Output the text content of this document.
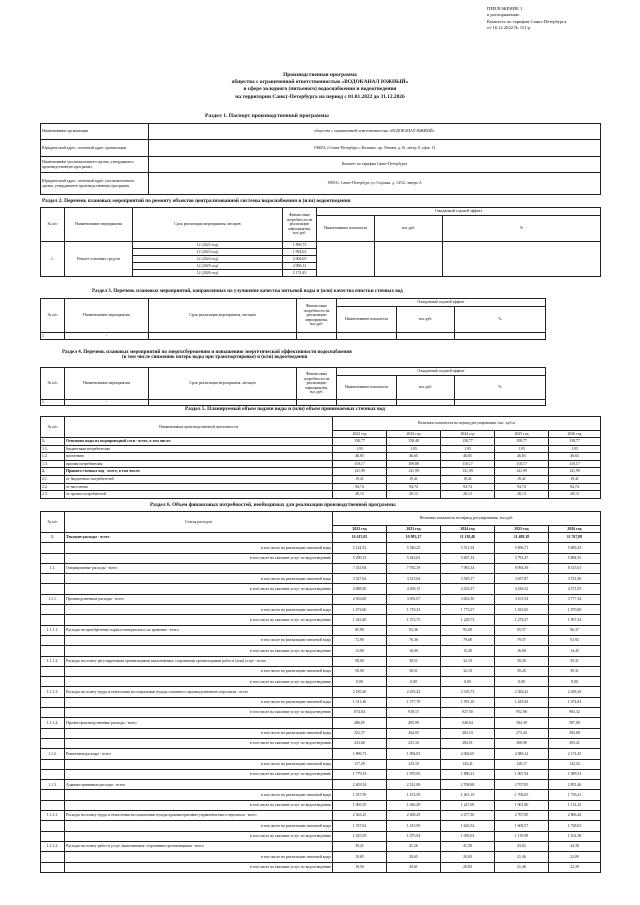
ПРИЛОЖЕНИЕ 1
к распоряжению
Комитета по тарифам Санкт-Петербурга
от 16.12.2022 № 151-р
Производственная программа
общества с ограниченной ответственностью «ВОДОКАНАЛ ЮЖНЫЙ»
в сфере холодного (питьевого) водоснабжения и водоотведения
на территории Санкт-Петербурга на период с 01.01.2022 до 31.12.2026
Раздел 1. Паспорт производственной программы
Наименование организации	общество с ограниченной ответственностью «ВОДОКАНАЛ ЮЖНЫЙ»
Юридический адрес, почтовый адрес организации	196653, г.Санкт-Петербург, г.Колпино, пр. Ленина, д.1б, литер А, офис 13
Наименование уполномоченного органа, утвердившего производственную программу	Комитет по тарифам Санкт-Петербурга
Юридический адрес, почтовый адрес уполномоченного органа, утвердившего производственную программу	190031, Санкт-Петербург, ул. Садовая, д. 14/52, литера А
Раздел 2. Перечень плановых мероприятий по ремонту объектов централизованной системы водоснабжения и (или) водоотведения
№ п/п	Наименование мероприятия	Срок реализации мероприятия, месяцев	Финансовые потребности на реализацию мероприятия, тыс.руб.	Ожидаемый годовой эффект		
				Наименование показателя	тыс.руб.	%
1.	Ремонт основных средств	12 (2022 год)	1 896,73			
		12 (2023 год)	1 994,03			
		12 (2024 год)	2 004,05			
		12 (2025 год)	2 086,12			
		12 (2026 год)	2 174,45			
Раздел 3. Перечень плановых мероприятий, направленных на улучшение качества питьевой воды и (или) качества очистки сточных вод
№ п/п	Наименование мероприятия	Срок реализации мероприятия, месяцев	Финансовые потребности на реализацию мероприятия, тыс.руб.	Ожидаемый годовой эффект		
				Наименование показателя	тыс.руб.	%
1.	-					
Раздел 4. Перечень плановых мероприятий по энергосбережению и повышению энергетической эффективности водоснабжения
(в том числе снижению потерь воды при транспортировке) и (или) водоотведения
№ п/п	Наименование мероприятия	Срок реализации мероприятия, месяцев	Финансовые потребности на реализацию мероприятия, тыс.руб.	Ожидаемый годовой эффект		
				Наименование показателя	тыс.руб.	%
1.	-					
Раздел 5. Планируемый объем подачи воды и (или) объем принимаемых сточных вод
№ п/п	Наименование производственной деятельности	Величина показателя на период регулирования, тыс. куб.м				
		2022 год	2023 год	2024 год	2025 год	2026 год
1.	Отпущено воды из водопроводной сети - всего, в том числе:	158,77	158,48	158,77	158,77	158,77
1.1.	бюджетным потребителям	1,95	1,95	1,95	1,95	1,95
1.2.	населению	46,65	46,65	46,65	46,65	46,65
1.3.	прочим потребителям	110,17	109,88	110,17	110,17	110,17
2.	Принято сточных вод - всего, в том числе:	141,99	141,99	141,99	141,99	141,99
2.1.	от бюджетных потребителей	19,41	19,41	19,41	19,41	19,41
2.2.	от населения	94,74	94,74	94,74	94,74	94,74
2.3.	от прочих потребителей	28,13	28,13	28,13	28,13	28,13
Раздел 6. Объем финансовых потребностей, необходимых для реализации производственной программы
№ п/п	Статья расходов	Величина показателя на период регулирования, тыс.руб.				
		2022 год	2023 год	2024 год	2025 год	2026 год
1.	Текущие расходы - всего	10 415,05	10 983,27	11 118,48	11 488,18	11 767,88
	в том числе на реализацию питьевой воды	5 124,52	5 540,25	5 511,34	5 696,71	5 883,33
	в том числе на оказание услуг по водоотведению	5 290,53	5 443,02	5 607,14	5 791,47	5 884,55
1.1.	Операционные расходы - всего	7 415,94	7 782,19	7 981,54	8 094,39	8 313,01
	в том числе на реализацию питьевой воды	3 327,64	3 513,04	3 549,17	3 657,87	3 741,96
	в том числе на оказание услуг по водоотведению	4 088,30	4 269,15	4 432,37	4 436,52	4 571,05
1.1.1.	Производственные расходы - всего	2 816,00	3 092,07	3 002,30	3 101,92	3 777,34
	в том числе на реализацию питьевой воды	1 472,60	1 719,32	1 773,57	1 823,65	1 870,00
	в том числе на оказание услуг по водоотведению	1 343,40	1 372,75	1 228,73	1 278,27	1 907,34
1.1.1.1.	Расходы на приобретение сырья и материалов и их хранение - всего	85,90	92,36	95,08	95,57	96,37
	в том числе на реализацию питьевой воды	72,90	76,36	79,68	79,57	81,92
	в том числе на оказание услуг по водоотведению	13,00	16,00	15,40	16,00	14,45
1.1.1.2.	Расходы на оплату регулируемыми организациями выполняемых сторонними организациями работ и (или) услуг - всего	58,00	38,51	32,10	39,20	39,31
	в том числе на реализацию питьевой воды	58,00	38,51	32,10	39,20	39,31
	в том числе на оказание услуг по водоотведению	0,00	0,00	0,00	0,00	0,00
1.1.1.3.	Расходы на оплату труда и отчисления на социальные нужды основного производственного персонала - всего	2 185,26	2 293,42	2 318,73	2 382,41	2 458,16
	в том числе на реализацию питьевой воды	1 311,40	1 377,70	1 391,20	1 429,44	1 474,84
	в том числе на оказание услуг по водоотведению	874,84	918,15	927,50	952,96	983,32
1.1.1.4.	Прочие производственные расходы - всего	486,85	495,99	548,64	584,39	587,08
	в том числе на реализацию питьевой воды	252,57	264,83	263,53	275,44	283,68
	в том числе на оказание услуг по водоотведению	233,66	231,16	284,91	308,96	303,41
1.1.2.	Ремонтные расходы - всего	1 896,73	1 994,03	2 004,05	2 086,12	2 174,45
	в том числе на реализацию питьевой воды	117,29	123,10	124,41	128,17	132,52
	в том числе на оказание услуг по водоотведению	1 779,33	1 870,93	1 880,21	1 967,94	1 989,53
1.1.3.	Административные расходы - всего	2 403,54	2 521,08	2 708,88	2 707,85	2 851,46
	в том числе на реализацию питьевой воды	1 337,99	1 474,59	1 461,19	1 706,05	1 739,21
	в том числе на оказание услуг по водоотведению	1 065,55	1 046,49	1 247,69	1 001,80	1 112,25
1.1.3.1.	Расходы на оплату труда и отчисления на социальные нужды административно-управленческого персонала - всего	2 363,25	2 490,29	2 677,30	2 707,85	2 806,44
	в том числе на реализацию питьевой воды	1 337,62	1 415,99	1 626,52	1 608,57	1 728,03
	в том числе на оказание услуг по водоотведению	1 025,59	1 075,94	1 050,03	1 119,99	1 102,38
1.1.3.2.	Расходы на оплату работ и услуг, выполняемых сторонними организациями - всего	39,21	41,26	41,58	43,02	44,39
	в том числе на реализацию питьевой воды	19,65	20,65	20,84	21,46	22,09
	в том числе на оказание услуг по водоотведению	19,56	20,61	20,84	21,46	22,39
